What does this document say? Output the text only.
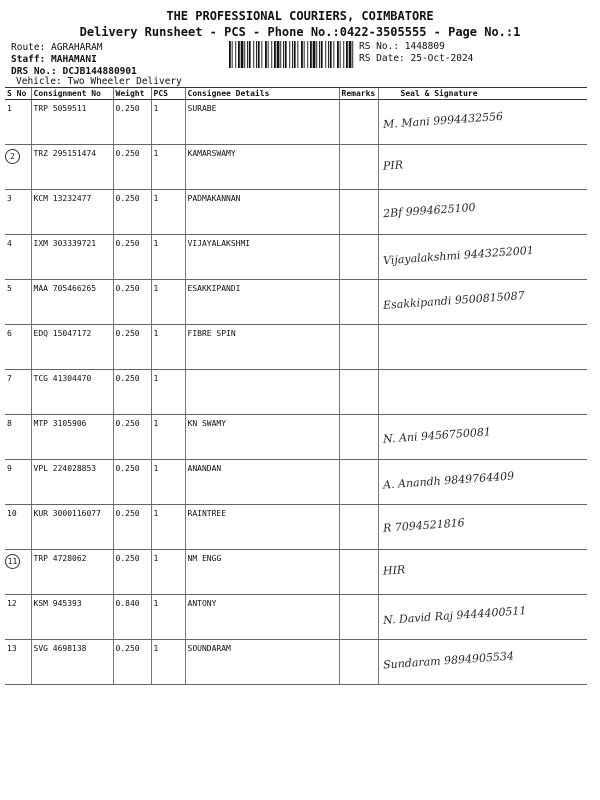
THE PROFESSIONAL COURIERS, COIMBATORE
Delivery Runsheet - PCS - Phone No.:0422-3505555 - Page No.:1
Route: AGRAHARAM
Staff: MAHAMANI
DRS No.: DCJB144880901
Vehicle: Two Wheeler Delivery
RS No.: 1448809
RS Date: 25-Oct-2024
S No	Consignment No	Weight	PCS	Consignee Details	Remarks	Seal & Signature
1	TRP 5059511	0.250	1	SURABE		M. Mani 9994432556

2	TRZ 295151474	0.250	1	KAMARSWAMY		PIR

3	KCM 13232477	0.250	1	PADMAKANNAN		2Bf 9994625100

4	IXM 303339721	0.250	1	VIJAYALAKSHMI		Vijayalakshmi 9443252001

5	MAA 705466265	0.250	1	ESAKKIPANDI		Esakkipandi 9500815087

6	EDQ 15047172	0.250	1	FIBRE SPIN		

7	TCG 41304470	0.250	1			

8	MTP 3105906	0.250	1	KN SWAMY		N. Ani 9456750081

9	VPL 224028853	0.250	1	ANANDAN		A. Anandh 9849764409

10	KUR 3000116077	0.250	1	RAINTREE		R 7094521816

11	TRP 4728062	0.250	1	NM ENGG		HIR

12	KSM 945393	0.840	1	ANTONY		N. David Raj 9444400511

13	SVG 4698138	0.250	1	SOUNDARAM		Sundaram 9894905534
